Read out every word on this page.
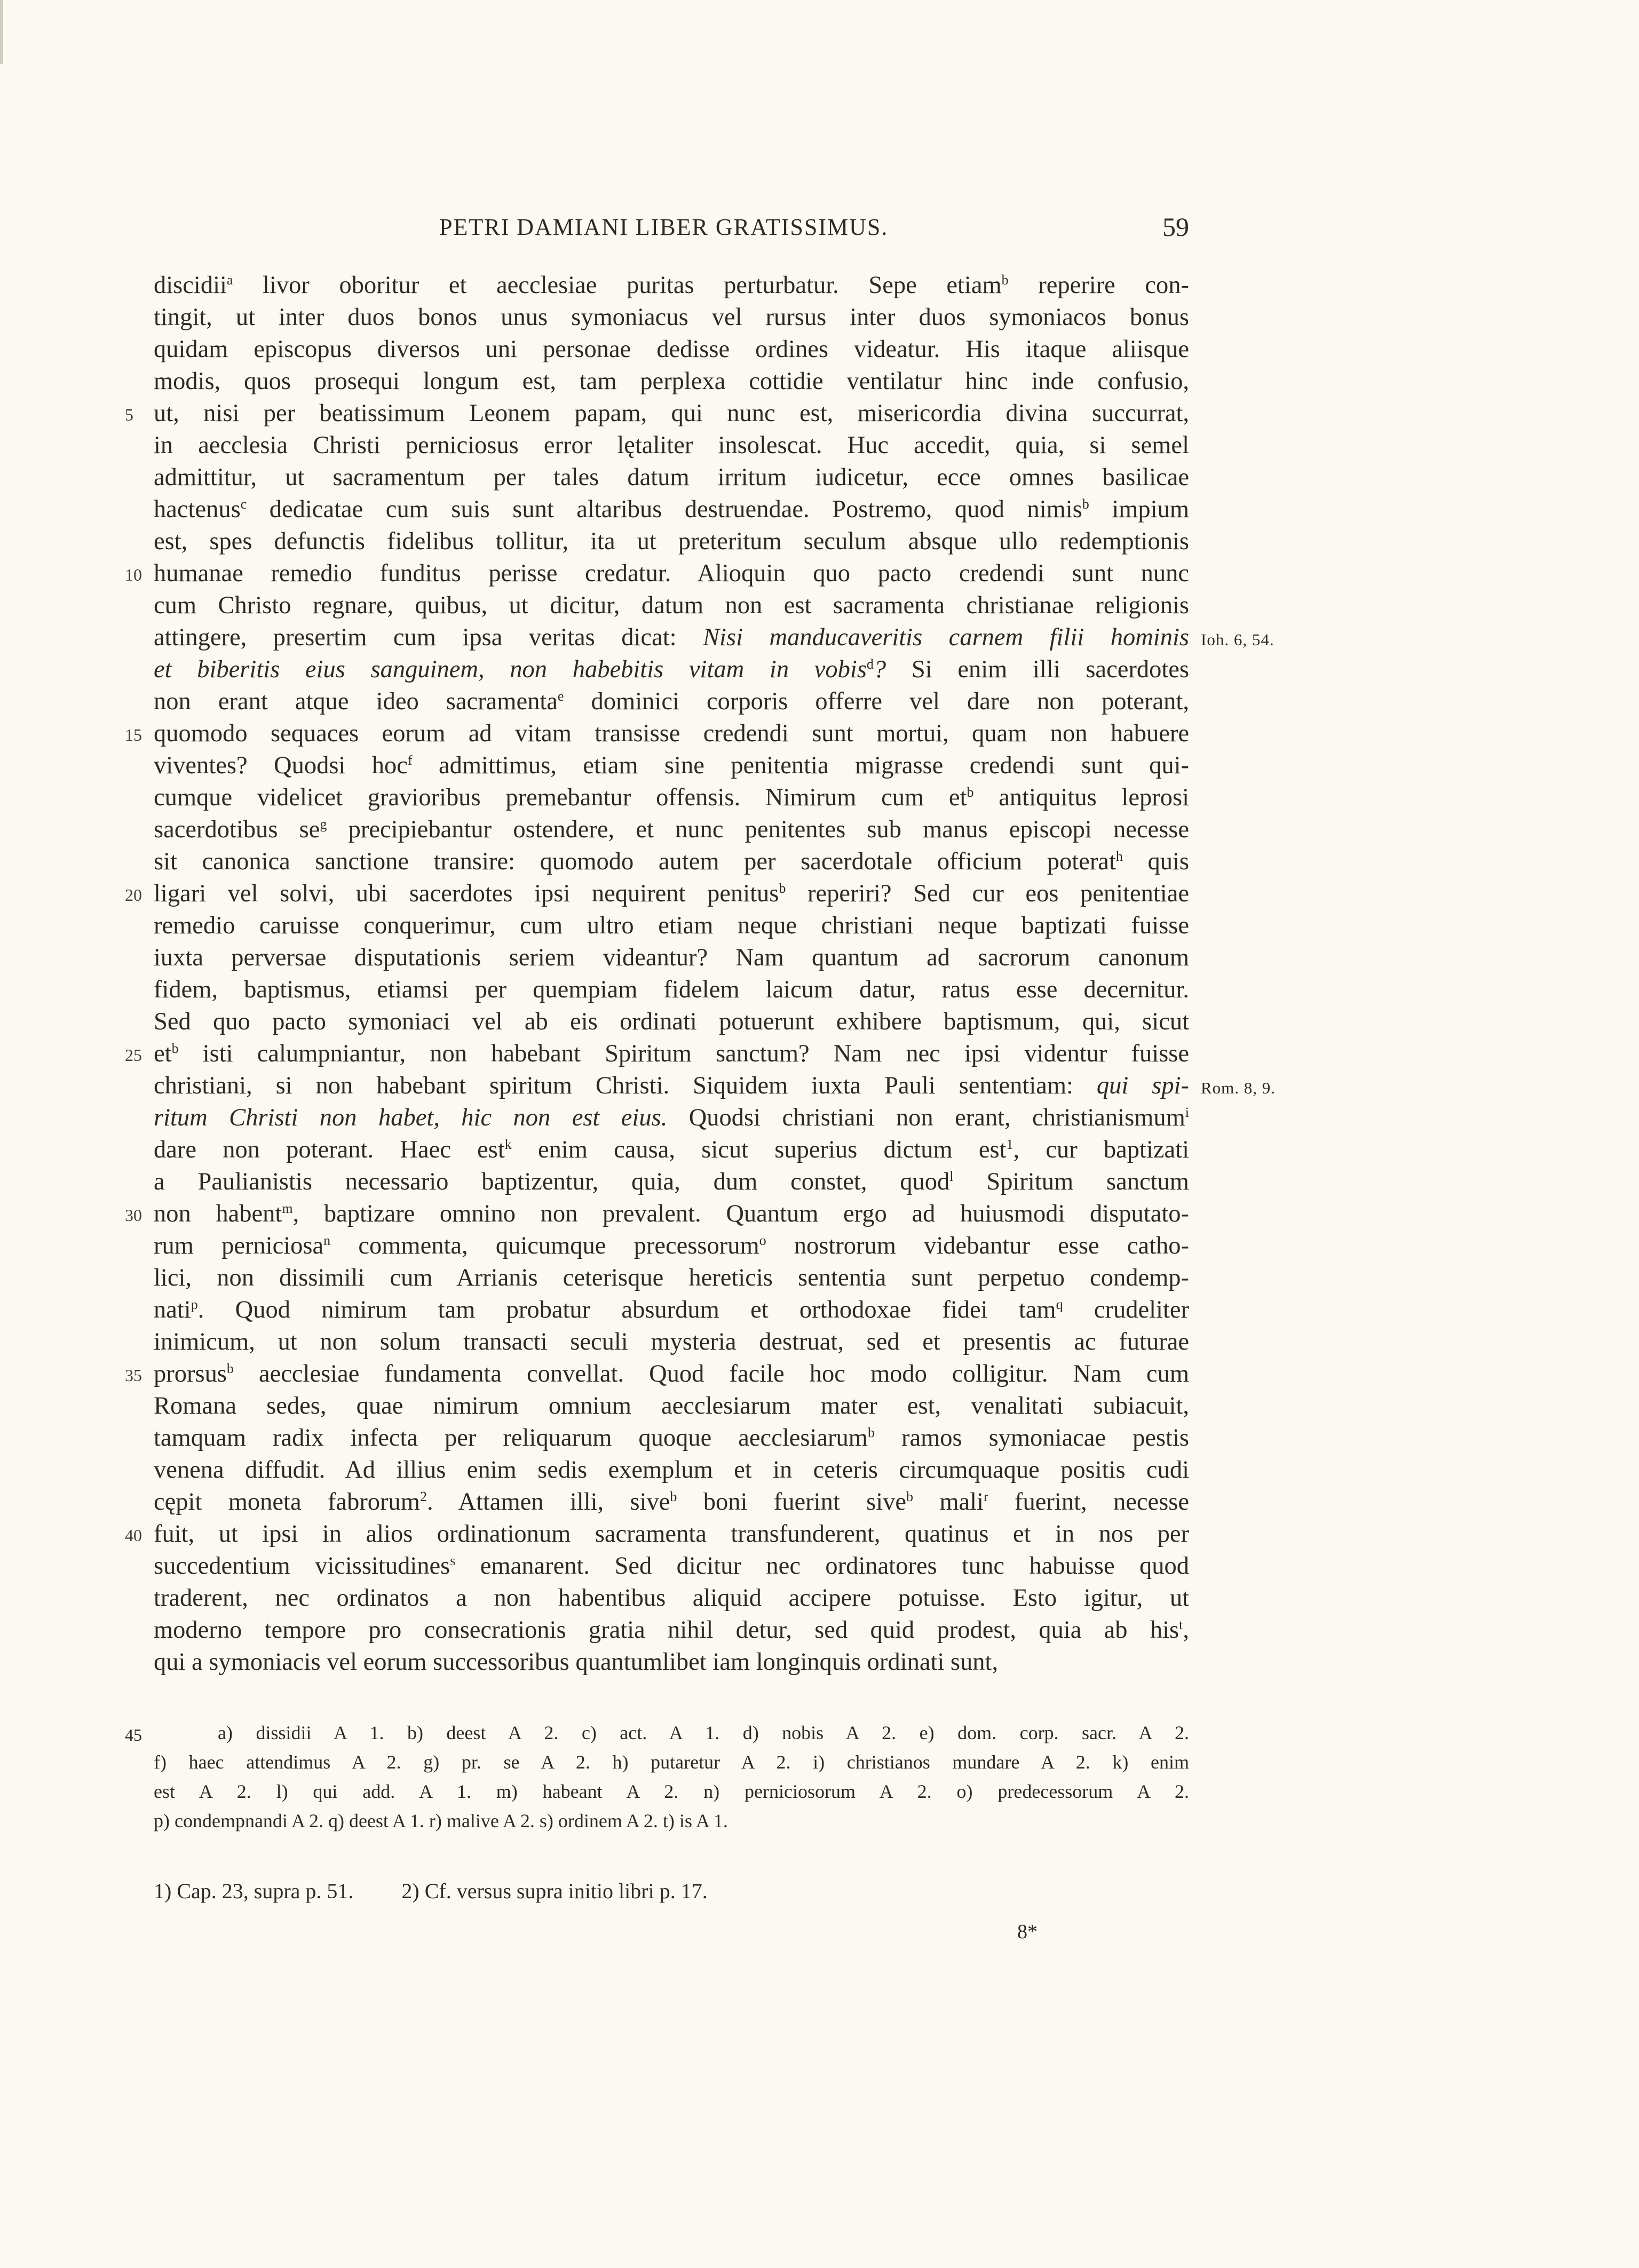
PETRI DAMIANI LIBER GRATISSIMUS.	59
discidii$^a$ livor oboritur et aecclesiae puritas perturbatur. Sepe etiam$^b$ reperire con-
tingit, ut inter duos bonos unus symoniacus vel rursus inter duos symoniacos bonus
quidam episcopus diversos uni personae dedisse ordines videatur. His itaque aliisque
modis, quos prosequi longum est, tam perplexa cottidie ventilatur hinc inde confusio,
5 ut, nisi per beatissimum Leonem papam, qui nunc est, misericordia divina succurrat,
in aecclesia Christi perniciosus error lętaliter insolescat. Huc accedit, quia, si semel
admittitur, ut sacramentum per tales datum irritum iudicetur, ecce omnes basilicae
hactenus$^c$ dedicatae cum suis sunt altaribus destruendae. Postremo, quod nimis$^b$ impium
est, spes defunctis fidelibus tollitur, ita ut preteritum seculum absque ullo redemptionis
10 humanae remedio funditus perisse credatur. Alioquin quo pacto credendi sunt nunc
cum Christo regnare, quibus, ut dicitur, datum non est sacramenta christianae religionis
attingere, presertim cum ipsa veritas dicat: Nisi manducaveritis carnem filii hominis Ioh. 6, 54.
et biberitis eius sanguinem, non habebitis vitam in vobis$^d$? Si enim illi sacerdotes
non erant atque ideo sacramenta$^e$ dominici corporis offerre vel dare non poterant,
15 quomodo sequaces eorum ad vitam transisse credendi sunt mortui, quam non habuere
viventes? Quodsi hoc$^f$ admittimus, etiam sine penitentia migrasse credendi sunt qui-
cumque videlicet gravioribus premebantur offensis. Nimirum cum $et^b$ antiquitus leprosi
sacerdotibus $se^g$ precipiebantur ostendere, et nunc penitentes sub manus episcopi necesse
sit canonica sanctione transire: quomodo autem per sacerdotale officium poterat$^h$ quis
20 ligari vel solvi, ubi sacerdotes ipsi nequirent penitus$^b$ reperiri? Sed cur eos penitentiae
remedio caruisse conquerimur, cum ultro etiam neque christiani neque baptizati fuisse
iuxta perversae disputationis seriem videantur? Nam quantum ad sacrorum canonum
fidem, baptismus, etiamsi per quempiam fidelem laicum datur, ratus esse decernitur.
Sed quo pacto symoniaci vel ab eis ordinati potuerunt exhibere baptismum, qui, sicut
25 $et^b$ isti calumpniantur, non habebant Spiritum sanctum? Nam nec ipsi videntur fuisse
christiani, si non habebant spiritum Christi. Siquidem iuxta Pauli sententiam: qui spi- Rom. 8, 9.
ritum Christi non habet, hic non est eius. Quodsi christiani non erant, christianismum$^i$
dare non poterant. Haec est$^k$ enim causa, sicut superius dictum est$^1$, cur baptizati
a Paulianistis necessario baptizentur, quia, dum constet, quod$^l$ Spiritum sanctum
30 non habent$^m$, baptizare omnino non prevalent. Quantum ergo ad huiusmodi disputato-
rum perniciosa$^n$ commenta, quicumque precessorum$^o$ nostrorum videbantur esse catho-
lici, non dissimili cum Arrianis ceterisque hereticis sententia sunt perpetuo condemp-
nati$^p$. Quod nimirum tam probatur absurdum et orthodoxae fidei tam$^q$ crudeliter
inimicum, ut non solum transacti seculi mysteria destruat, sed et presentis ac futurae
35 prorsus$^b$ aecclesiae fundamenta convellat. Quod facile hoc modo colligitur. Nam cum
Romana sedes, quae nimirum omnium aecclesiarum mater est, venalitati subiacuit,
tamquam radix infecta per reliquarum quoque aecclesiarum$^b$ ramos symoniacae pestis
venena diffudit. Ad illius enim sedis exemplum et in ceteris circumquaque positis cudi
cępit moneta fabrorum$^2$. Attamen illi, sive$^b$ boni fuerint sive$^b$ mali$^r$ fuerint, necesse
40 fuit, ut ipsi in alios ordinationum sacramenta transfunderent, quatinus et in nos per
succedentium vicissitudines$^s$ emanarent. Sed dicitur nec ordinatores tunc habuisse quod
traderent, nec ordinatos a non habentibus aliquid accipere potuisse. Esto igitur, ut
moderno tempore pro consecrationis gratia nihil detur, sed quid prodest, quia ab his$^t$,
qui a symoniacis vel eorum successoribus quantumlibet iam longinquis ordinati sunt,
45	a) dissidii A 1. b) deest A 2. c) act. A 1. d) nobis A 2. e) dom. corp. sacr. A 2.
f) haec attendimus A 2. g) pr. se A 2. h) putaretur A 2. i) christianos mundare A 2. k) enim
est A 2. l) qui add. A 1. m) habeant A 2. n) perniciosorum A 2. o) predecessorum A 2.
p) condempnandi A 2. q) deest A 1. r) malive A 2. s) ordinem A 2. t) is A 1.
1) Cap. 23, supra p. 51. 2) Cf. versus supra initio libri p. 17.
8*
